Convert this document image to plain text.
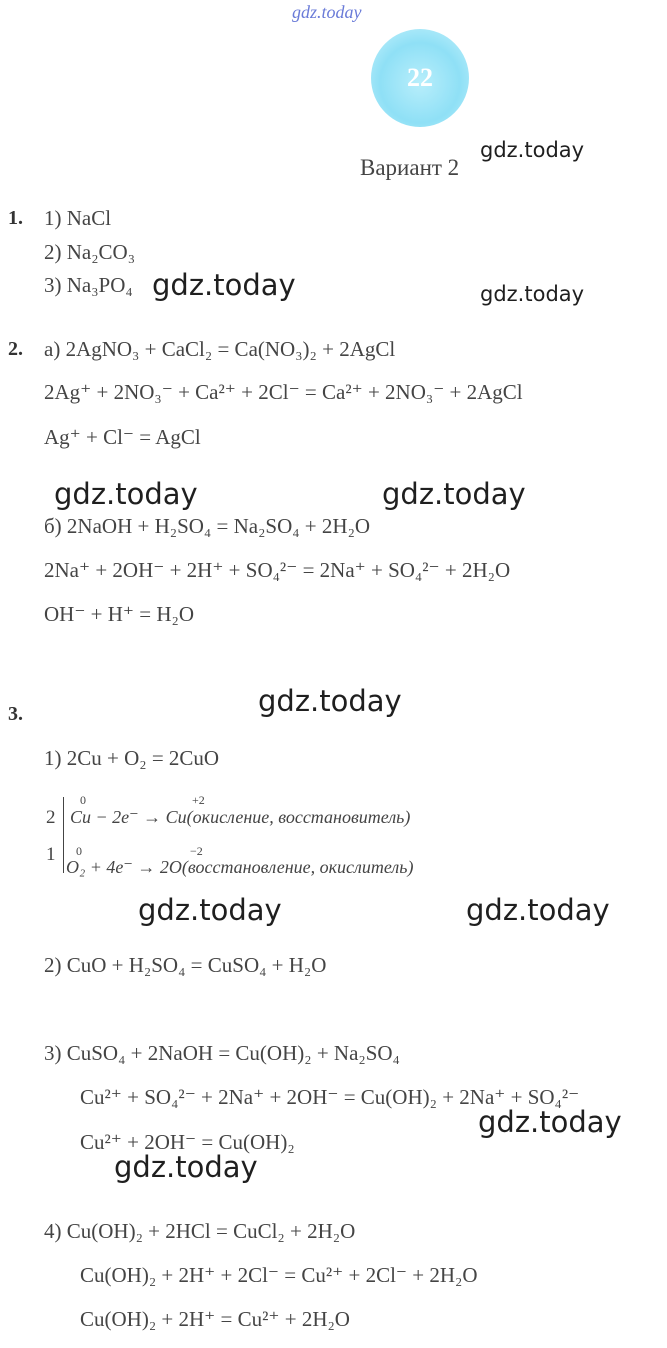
gdz.today
22
Вариант 2
gdz.today
1. 1) NaCl
2) Na₂CO₃
3) Na₃PO₄ gdz.today	gdz.today
2. а) 2AgNO₃ + CaCl₂ = Ca(NO₃)₂ + 2AgCl
2Ag⁺ + 2NO₃⁻ + Ca²⁺ + 2Cl⁻ = Ca²⁺ + 2NO₃⁻ + 2AgCl
Ag⁺ + Cl⁻ = AgCl
gdz.today	gdz.today
б) 2NaOH + H₂SO₄ = Na₂SO₄ + 2H₂O
2Na⁺ + 2OH⁻ + 2H⁺ + SO₄²⁻ = 2Na⁺ + SO₄²⁻ + 2H₂O
OH⁻ + H⁺ = H₂O
3.	gdz.today
1) 2Cu + O₂ = 2CuO
2
1
0	+2
Cu − 2e⁻ → Cu(окисление, восстановитель)
0	−2
O₂ + 4e⁻ → 2O(восстановление, окислитель)
gdz.today	gdz.today
2) CuO + H₂SO₄ = CuSO₄ + H₂O
3) CuSO₄ + 2NaOH = Cu(OH)₂ + Na₂SO₄
Cu²⁺ + SO₄²⁻ + 2Na⁺ + 2OH⁻ = Cu(OH)₂ + 2Na⁺ + SO₄²⁻
gdz.today
Cu²⁺ + 2OH⁻ = Cu(OH)₂
gdz.today
4) Cu(OH)₂ + 2HCl = CuCl₂ + 2H₂O
Cu(OH)₂ + 2H⁺ + 2Cl⁻ = Cu²⁺ + 2Cl⁻ + 2H₂O
Cu(OH)₂ + 2H⁺ = Cu²⁺ + 2H₂O
